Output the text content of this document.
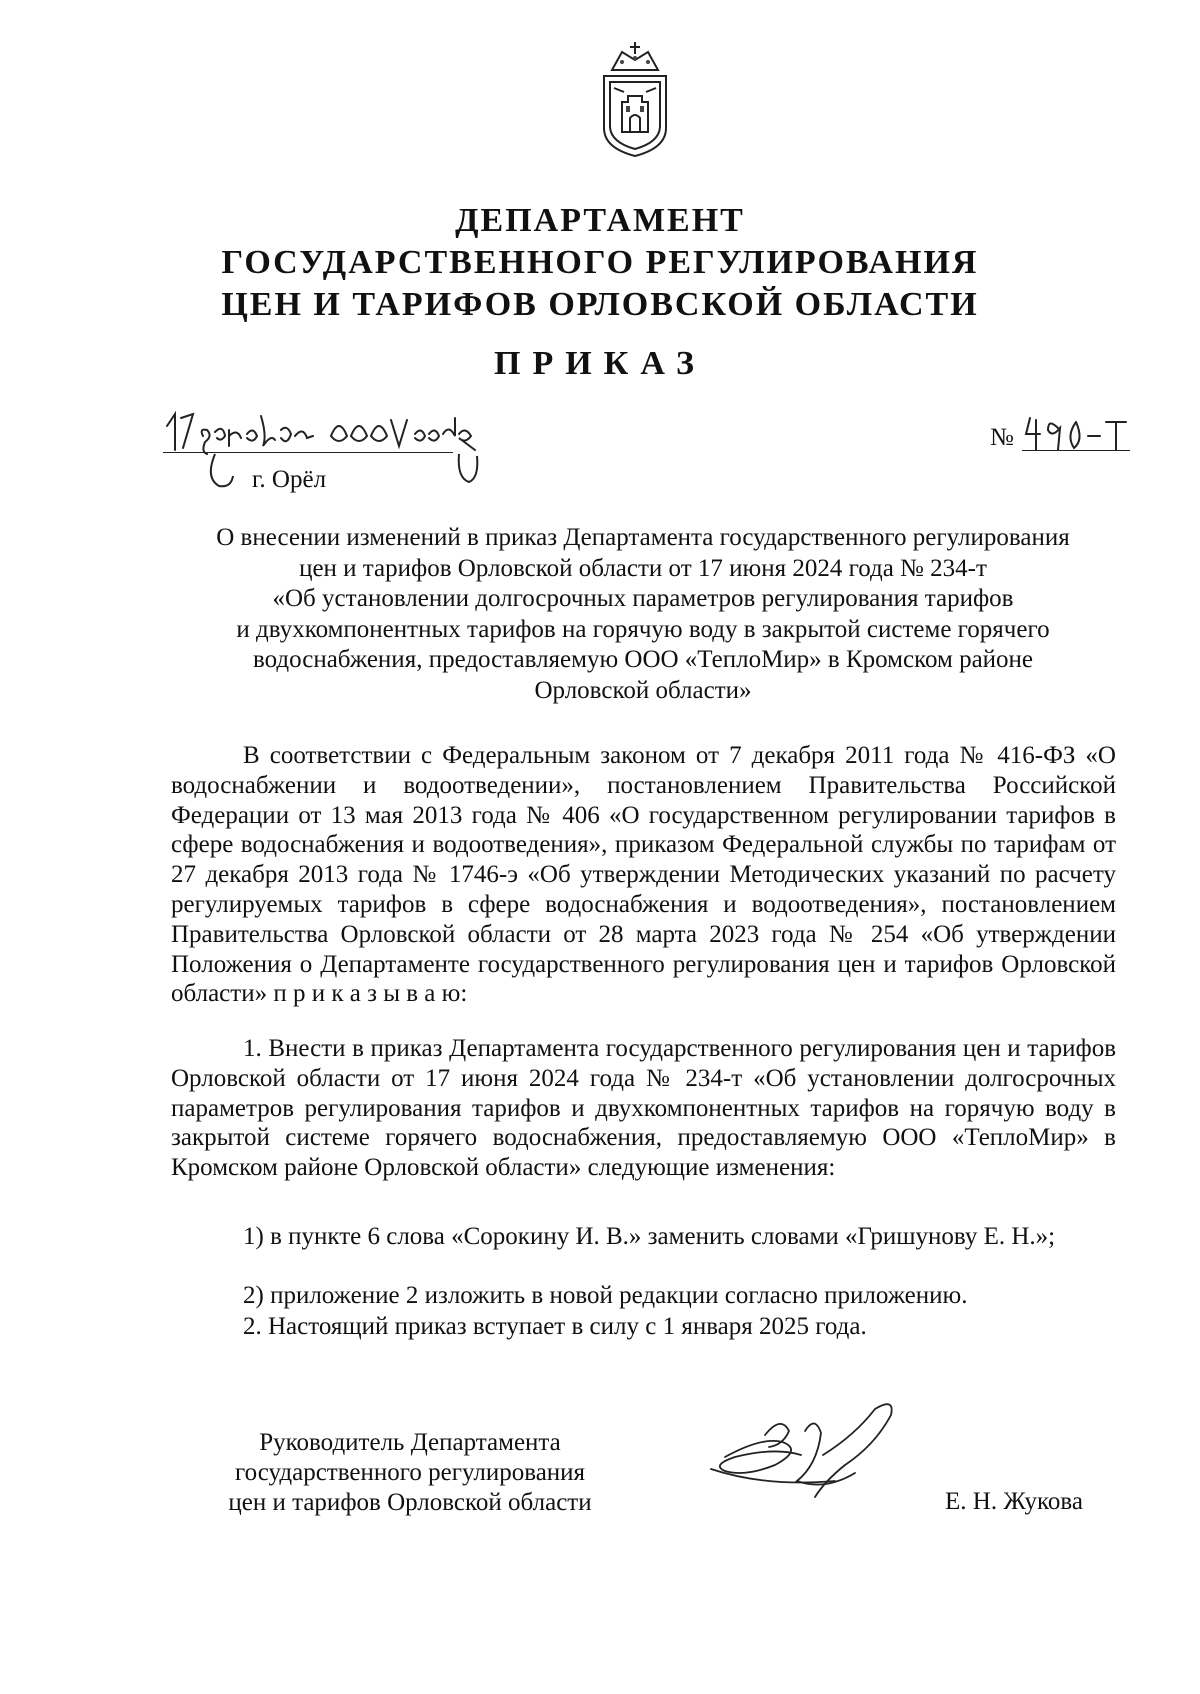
ДЕПАРТАМЕНТ
ГОСУДАРСТВЕННОГО РЕГУЛИРОВАНИЯ
ЦЕН И ТАРИФОВ ОРЛОВСКОЙ ОБЛАСТИ
ПРИКАЗ
г. Орёл
№
О внесении изменений в приказ Департамента государственного регулирования
цен и тарифов Орловской области от 17 июня 2024 года № 234-т
«Об установлении долгосрочных параметров регулирования тарифов
и двухкомпонентных тарифов на горячую воду в закрытой системе горячего
водоснабжения, предоставляемую ООО «ТеплоМир» в Кромском районе
Орловской области»
В соответствии с Федеральным законом от 7 декабря 2011 года № 416-ФЗ «О водоснабжении и водоотведении», постановлением Правительства Российской Федерации от 13 мая 2013 года № 406 «О государственном регулировании тарифов в сфере водоснабжения и водоотведения», приказом Федеральной службы по тарифам от 27 декабря 2013 года № 1746-э «Об утверждении Методических указаний по расчету регулируемых тарифов в сфере водоснабжения и водоотведения», постановлением Правительства Орловской области от 28 марта 2023 года № 254 «Об утверждении Положения о Департаменте государственного регулирования цен и тарифов Орловской области» п р и к а з ы в а ю:
1. Внести в приказ Департамента государственного регулирования цен и тарифов Орловской области от 17 июня 2024 года № 234-т «Об установлении долгосрочных параметров регулирования тарифов и двухкомпонентных тарифов на горячую воду в закрытой системе горячего водоснабжения, предоставляемую ООО «ТеплоМир» в Кромском районе Орловской области» следующие изменения:
1) в пункте 6 слова «Сорокину И. В.» заменить словами «Гришунову Е. Н.»;
2) приложение 2 изложить в новой редакции согласно приложению.
2. Настоящий приказ вступает в силу с 1 января 2025 года.
Руководитель Департамента
государственного регулирования
цен и тарифов Орловской области	Е. Н. Жукова
